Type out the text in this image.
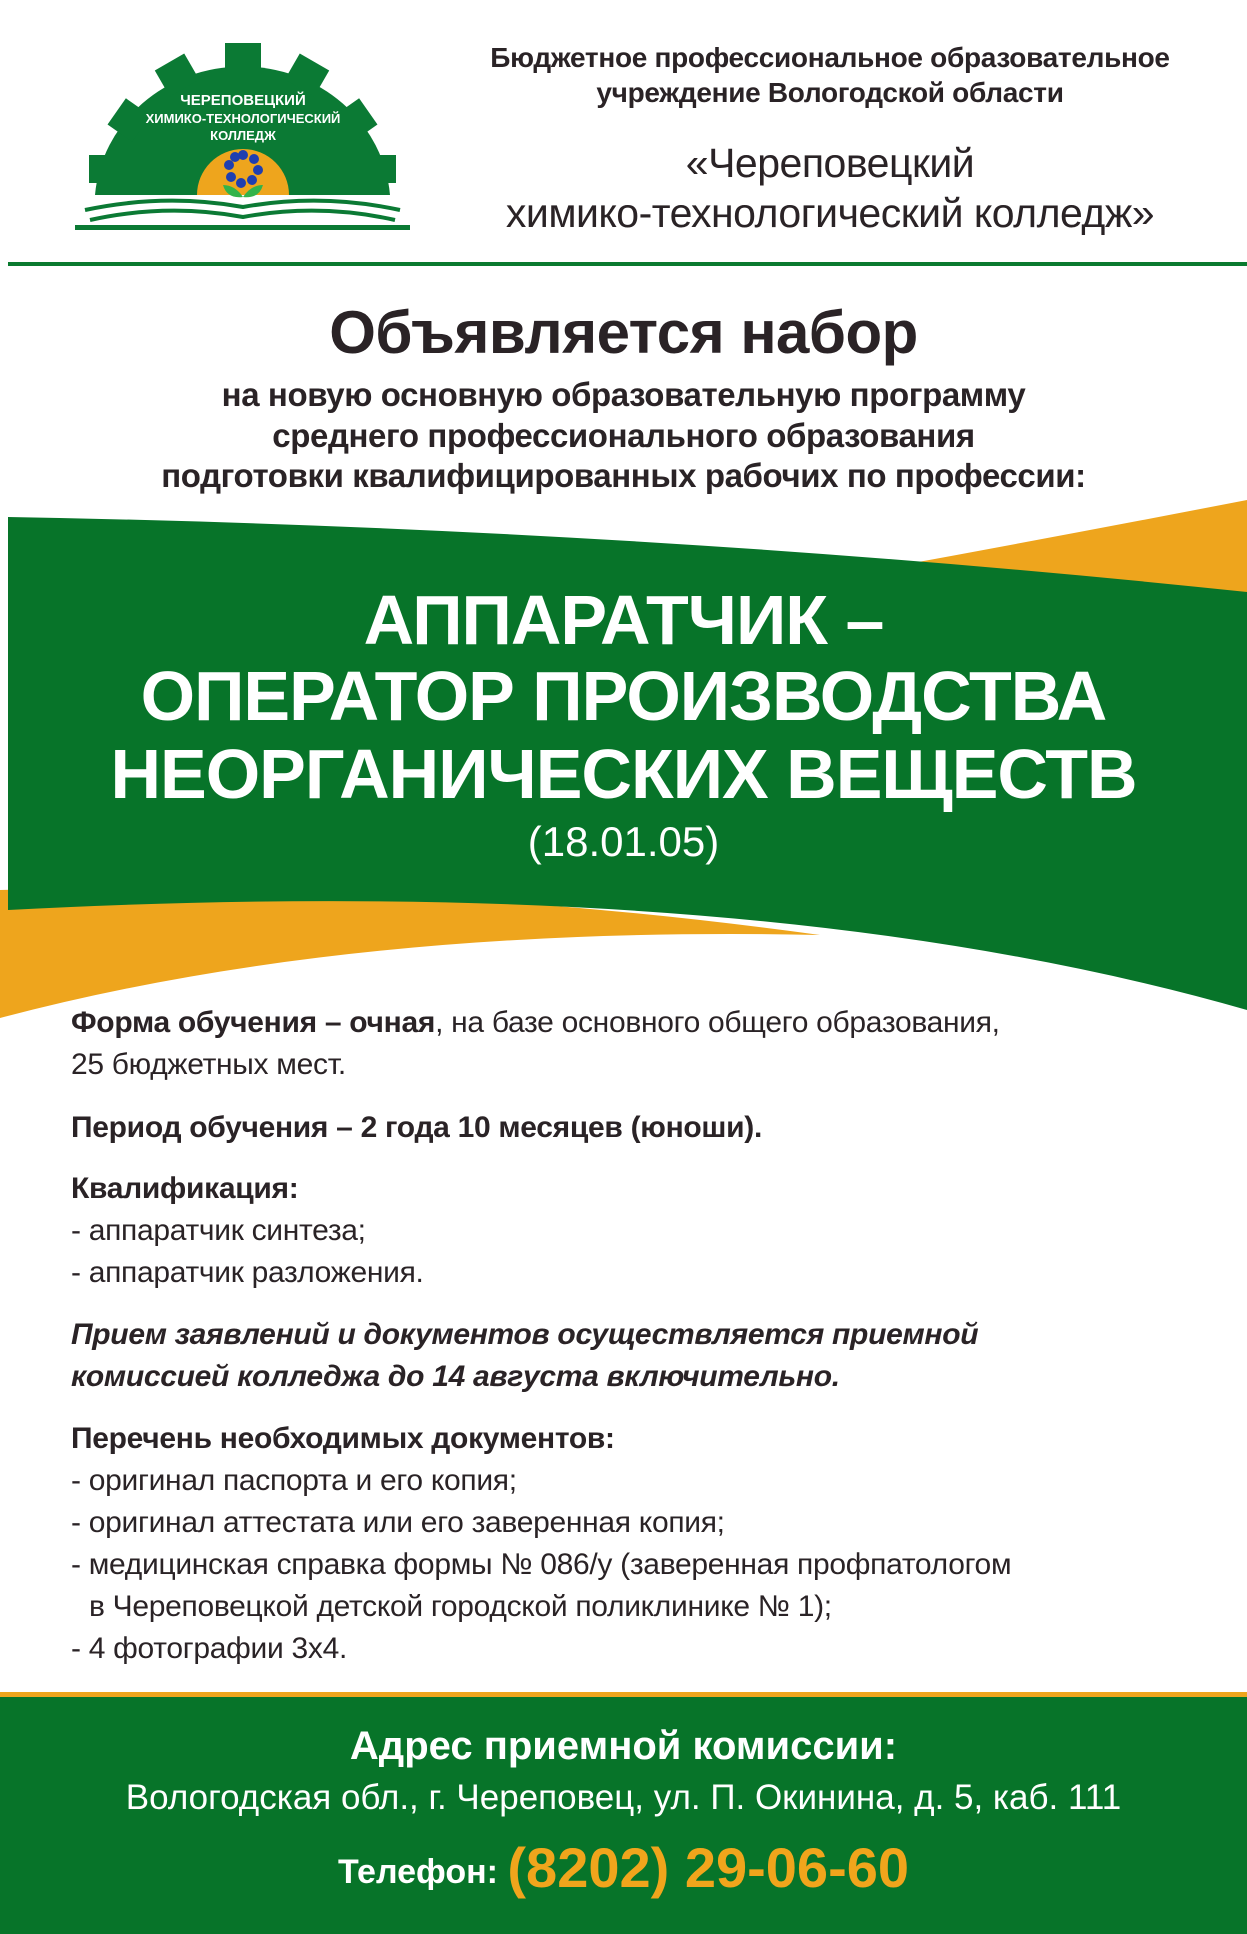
ЧЕРЕПОВЕЦКИЙ
ХИМИКО-ТЕХНОЛОГИЧЕСКИЙ
КОЛЛЕДЖ
Бюджетное профессиональное образовательное
учреждение Вологодской области
«Череповецкий
химико-технологический колледж»
Объявляется набор
на новую основную образовательную программу
среднего профессионального образования
подготовки квалифицированных рабочих по профессии:
АППАРАТЧИК –
ОПЕРАТОР ПРОИЗВОДСТВА
НЕОРГАНИЧЕСКИХ ВЕЩЕСТВ
(18.01.05)
Форма обучения – очная, на базе основного общего образования,
25 бюджетных мест.
Период обучения – 2 года 10 месяцев (юноши).
Квалификация:
- аппаратчик синтеза;
- аппаратчик разложения.
Прием заявлений и документов осуществляется приемной
комиссией колледжа до 14 августа включительно.
Перечень необходимых документов:
- оригинал паспорта и его копия;
- оригинал аттестата или его заверенная копия;
- медицинская справка формы № 086/у (заверенная профпатологом
в Череповецкой детской городской поликлинике № 1);
- 4 фотографии 3х4.
Адрес приемной комиссии:
Вологодская обл., г. Череповец, ул. П. Окинина, д. 5, каб. 111
Телефон: (8202) 29-06-60
